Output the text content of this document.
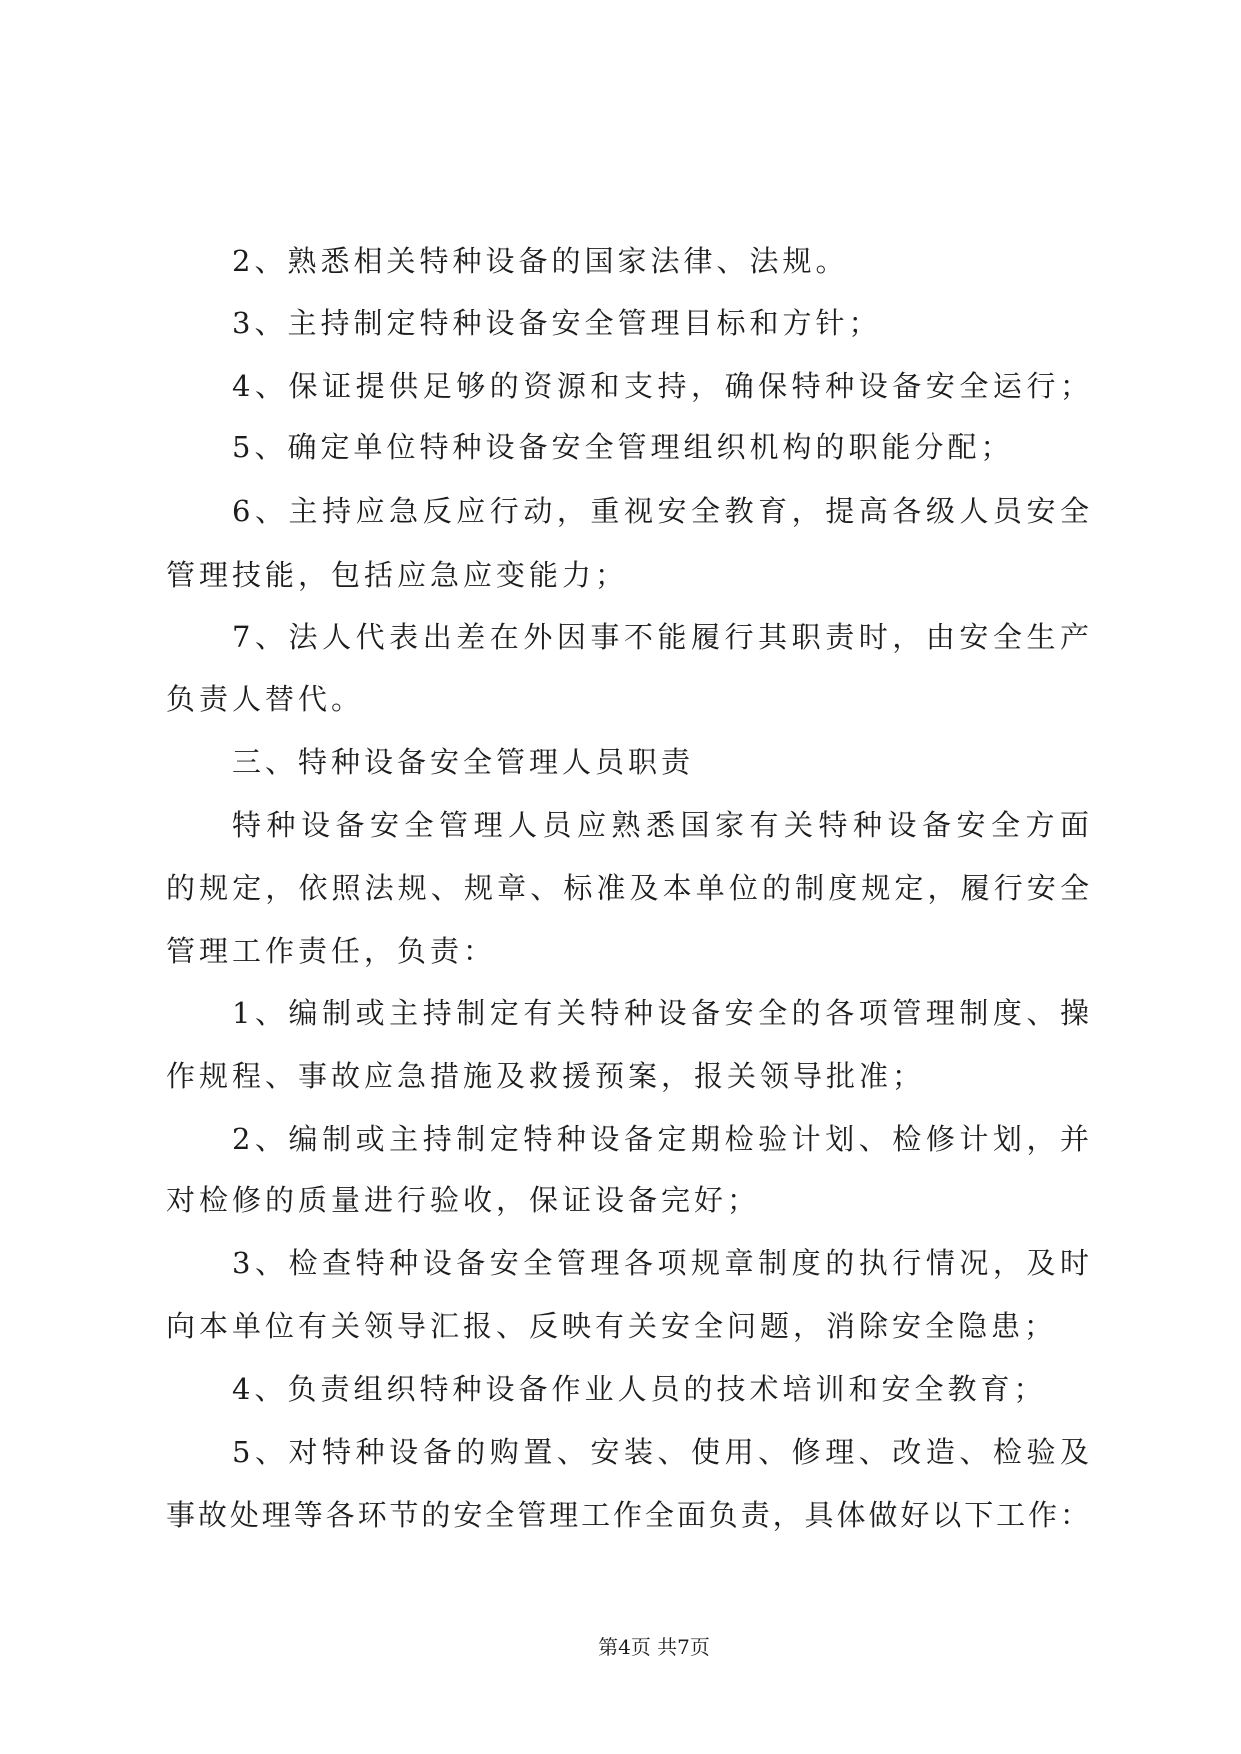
2、熟悉相关特种设备的国家法律、法规。
3、主持制定特种设备安全管理目标和方针；
4、保证提供足够的资源和支持，确保特种设备安全运行；
5、确定单位特种设备安全管理组织机构的职能分配；
6、主持应急反应行动，重视安全教育，提高各级人员安全
管理技能，包括应急应变能力；
7、法人代表出差在外因事不能履行其职责时，由安全生产
负责人替代。
三、特种设备安全管理人员职责
特种设备安全管理人员应熟悉国家有关特种设备安全方面
的规定，依照法规、规章、标准及本单位的制度规定，履行安全
管理工作责任，负责：
1、编制或主持制定有关特种设备安全的各项管理制度、操
作规程、事故应急措施及救援预案，报关领导批准；
2、编制或主持制定特种设备定期检验计划、检修计划，并
对检修的质量进行验收，保证设备完好；
3、检查特种设备安全管理各项规章制度的执行情况，及时
向本单位有关领导汇报、反映有关安全问题，消除安全隐患；
4、负责组织特种设备作业人员的技术培训和安全教育；
5、对特种设备的购置、安装、使用、修理、改造、检验及
事故处理等各环节的安全管理工作全面负责，具体做好以下工作：
第4页 共7页
